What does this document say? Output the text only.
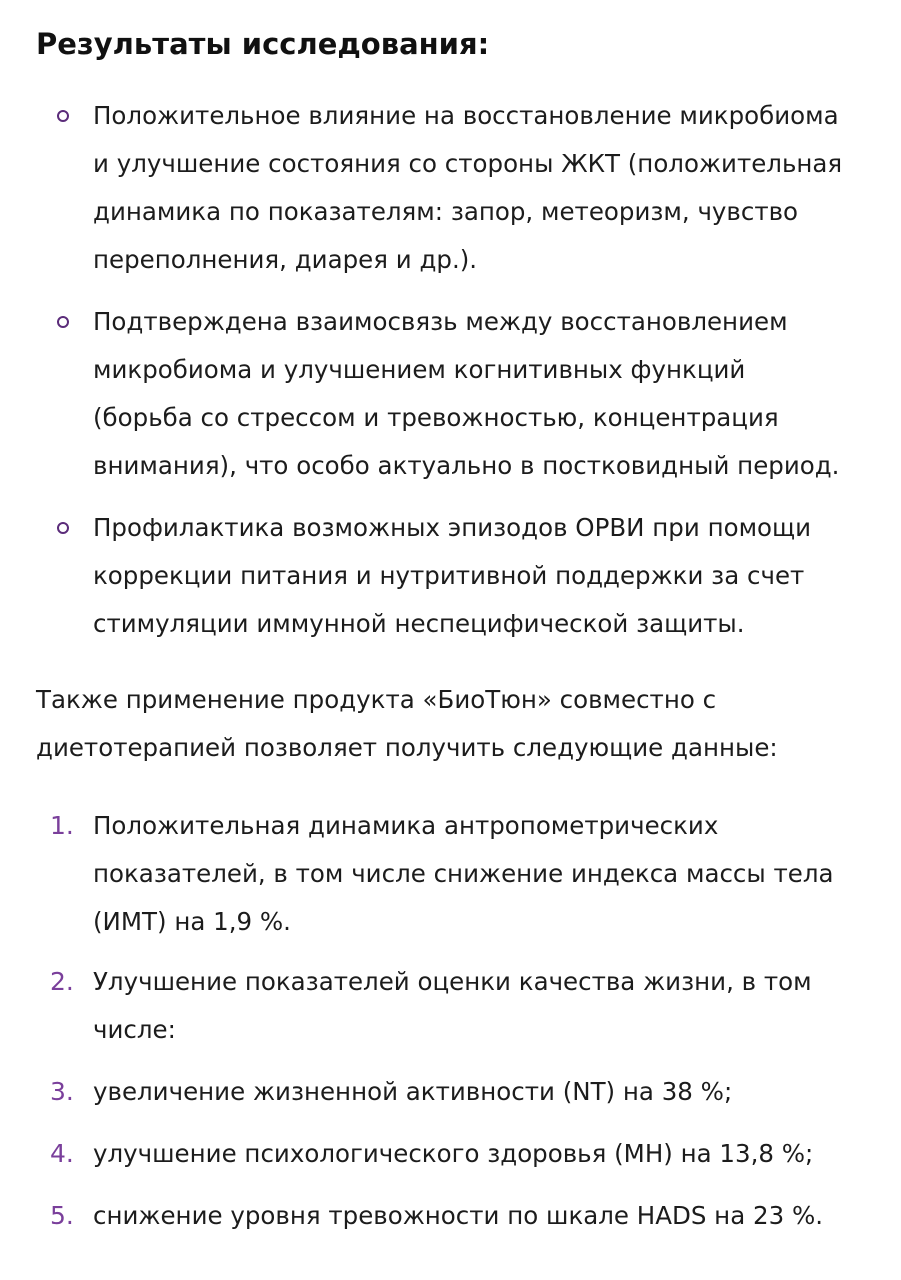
Результаты исследования:
Положительное влияние на восстановление микробиома
и улучшение состояния со стороны ЖКТ (положительная
динамика по показателям: запор, метеоризм, чувство
переполнения, диарея и др.).
Подтверждена взаимосвязь между восстановлением
микробиома и улучшением когнитивных функций
(борьба со стрессом и тревожностью, концентрация
внимания), что особо актуально в постковидный период.
Профилактика возможных эпизодов ОРВИ при помощи
коррекции питания и нутритивной поддержки за счет
стимуляции иммунной неспецифической защиты.
Также применение продукта «БиоТюн» совместно с
диетотерапией позволяет получить следующие данные:
1. Положительная динамика антропометрических
показателей, в том числе снижение индекса массы тела
(ИМТ) на 1,9 %.
2. Улучшение показателей оценки качества жизни, в том
числе:
3. увеличение жизненной активности (NT) на 38 %;
4. улучшение психологического здоровья (MH) на 13,8 %;
5. снижение уровня тревожности по шкале HADS на 23 %.
